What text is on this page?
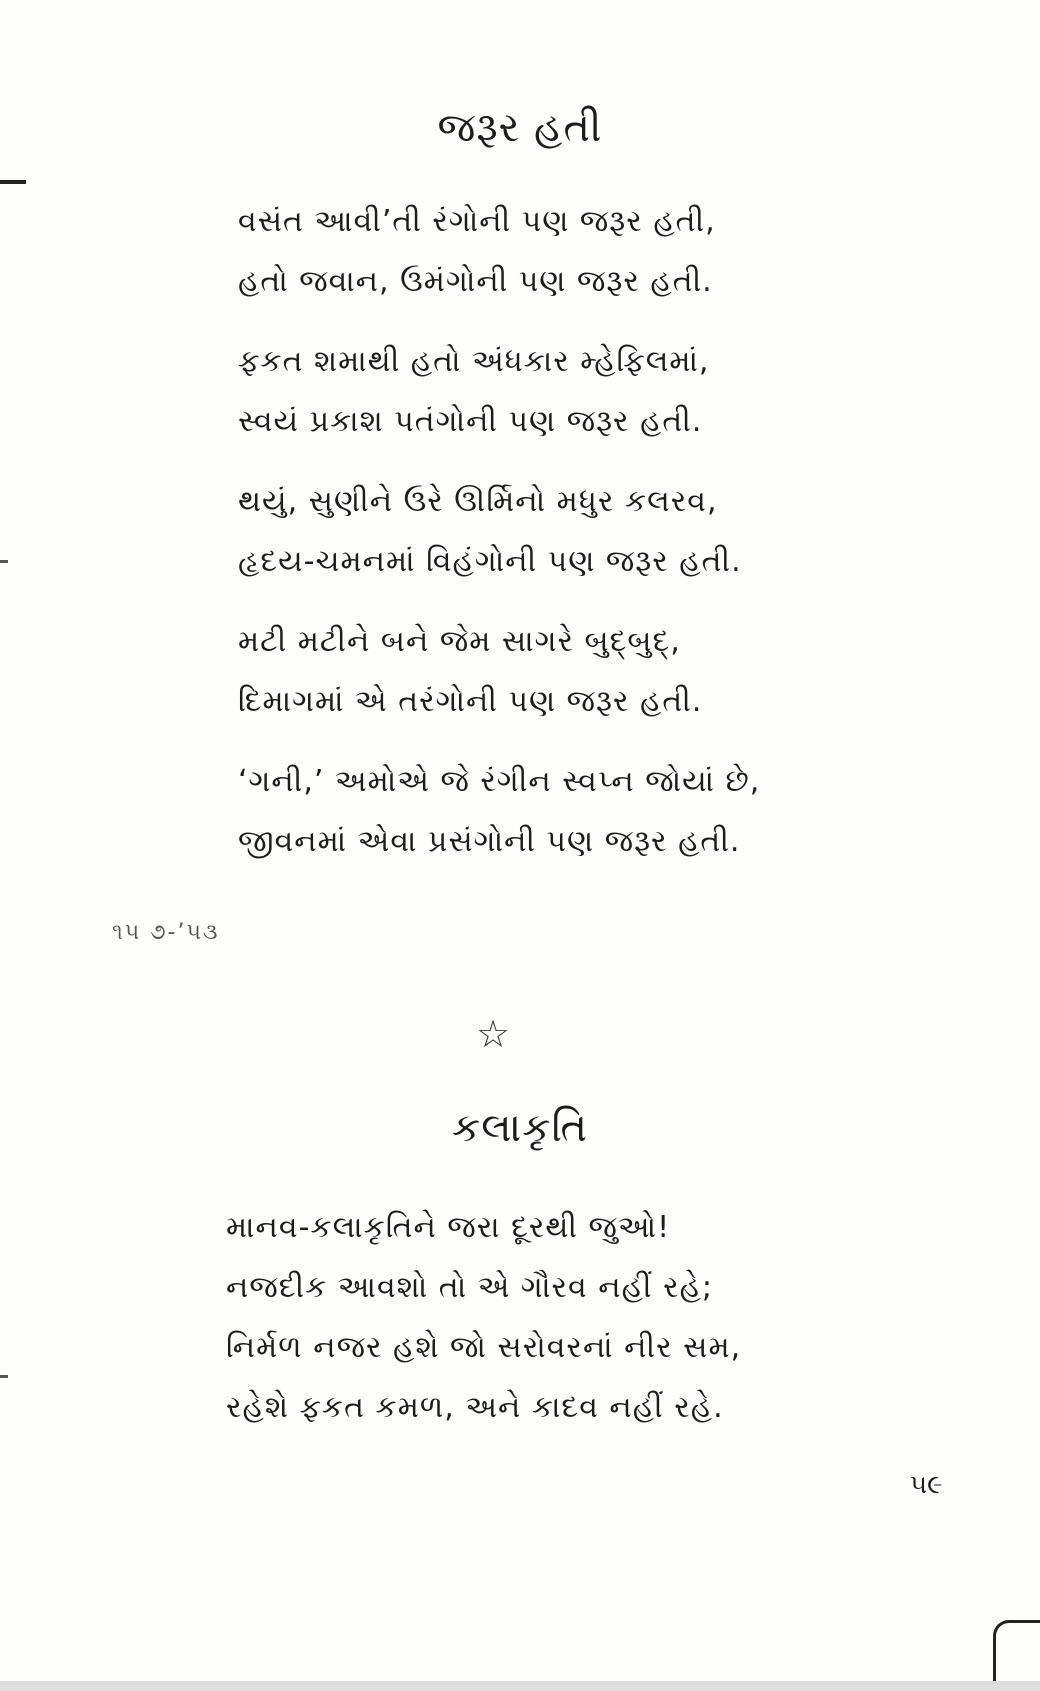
જરૂર હતી
વસંત આવી’તી રંગોની પણ જરૂર હતી,
હતો જવાન, ઉમંગોની પણ જરૂર હતી.
ફકત શમાથી હતો અંધકાર મ્હેફિલમાં,
સ્વયં પ્રકાશ પતંગોની પણ જરૂર હતી.
થયું, સુણીને ઉરે ઊર્મિનો મધુર કલરવ,
હૃદય-ચમનમાં વિહંગોની પણ જરૂર હતી.
મટી મટીને બને જેમ સાગરે બુદ્‌બુદ્‌,
દિમાગમાં એ તરંગોની પણ જરૂર હતી.
‘ગની,’ અમોએ જે રંગીન સ્વપ્ન જોયાં છે,
જીવનમાં એવા પ્રસંગોની પણ જરૂર હતી.
૧૫ ૭-’૫૩
☆
કલાકૃતિ
માનવ-કલાકૃતિને જરા દૂરથી જુઓ!
નજદીક આવશો તો એ ગૌરવ નહીં રહે;
નિર્મળ નજર હશે જો સરોવરનાં નીર સમ,
રહેશે ફકત કમળ, અને કાદવ નહીં રહે.
૫૯
